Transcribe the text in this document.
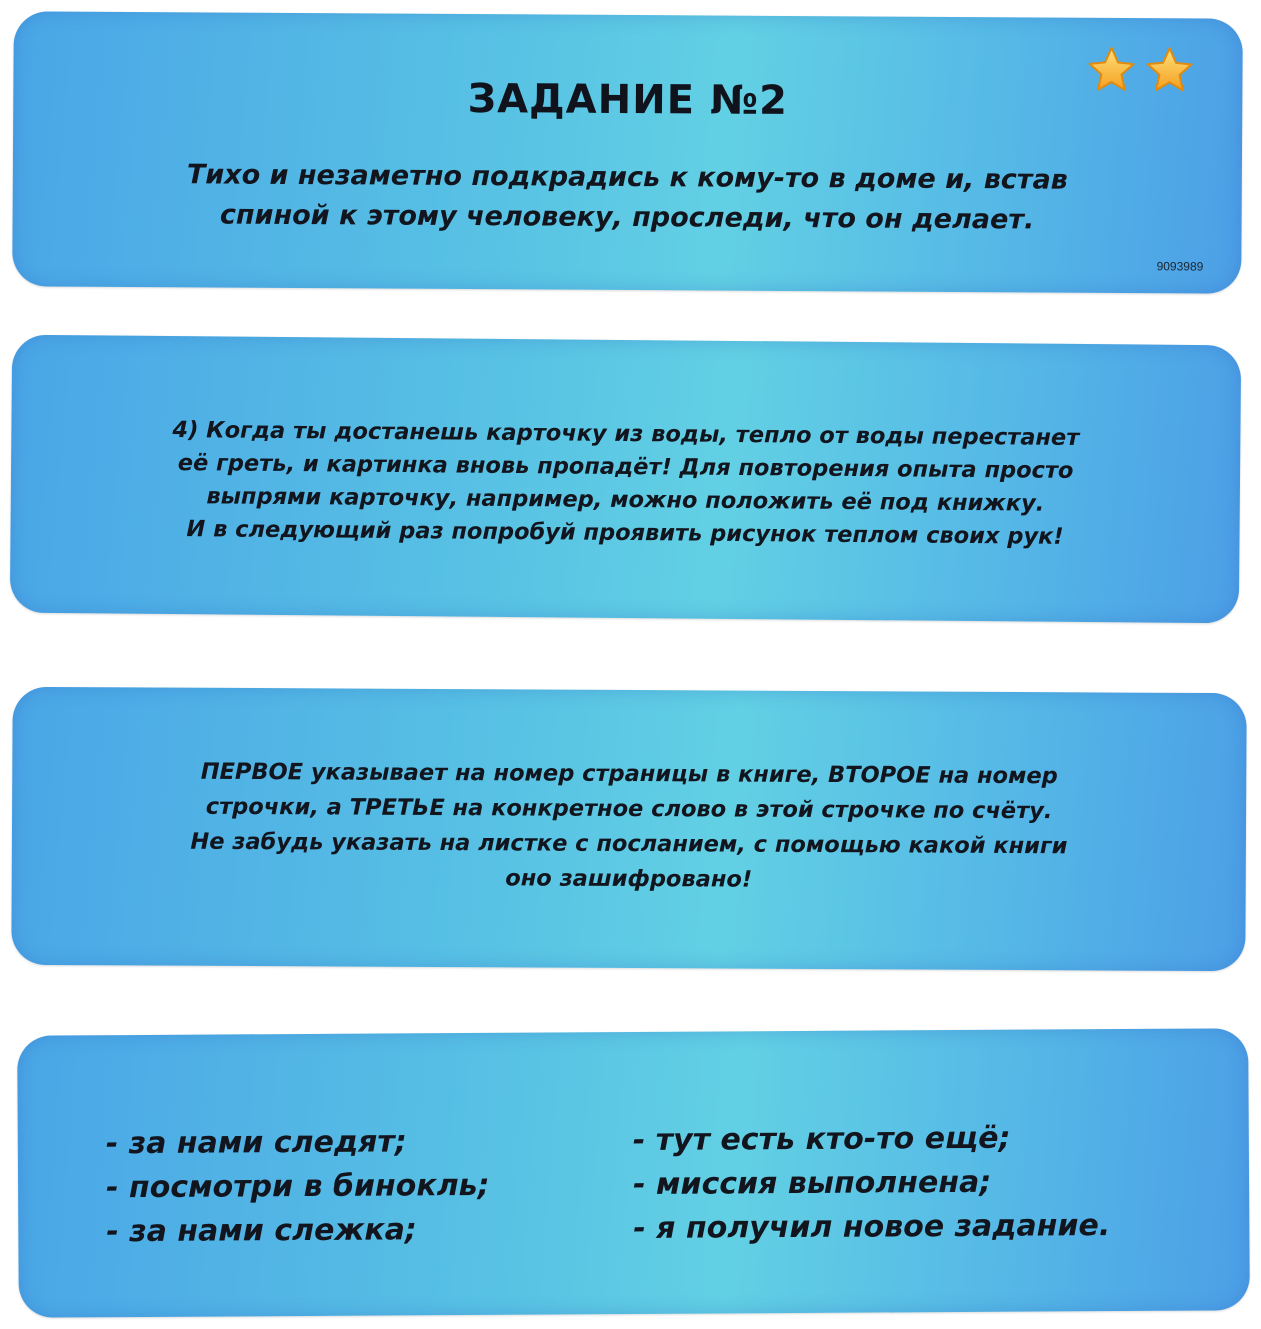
ЗАДАНИЕ №2
Тихо и незаметно подкрадись к кому-то в доме и, встав
спиной к этому человеку, проследи, что он делает.
9093989
4) Когда ты достанешь карточку из воды, тепло от воды перестанет
её греть, и картинка вновь пропадёт! Для повторения опыта просто
выпрями карточку, например, можно положить её под книжку.
И в следующий раз попробуй проявить рисунок теплом своих рук!
ПЕРВОЕ указывает на номер страницы в книге, ВТОРОЕ на номер
строчки, а ТРЕТЬЕ на конкретное слово в этой строчке по счёту.
Не забудь указать на листке с посланием, с помощью какой книги
оно зашифровано!
- за нами следят;
- посмотри в бинокль;
- за нами слежка;
- тут есть кто-то ещё;
- миссия выполнена;
- я получил новое задание.
